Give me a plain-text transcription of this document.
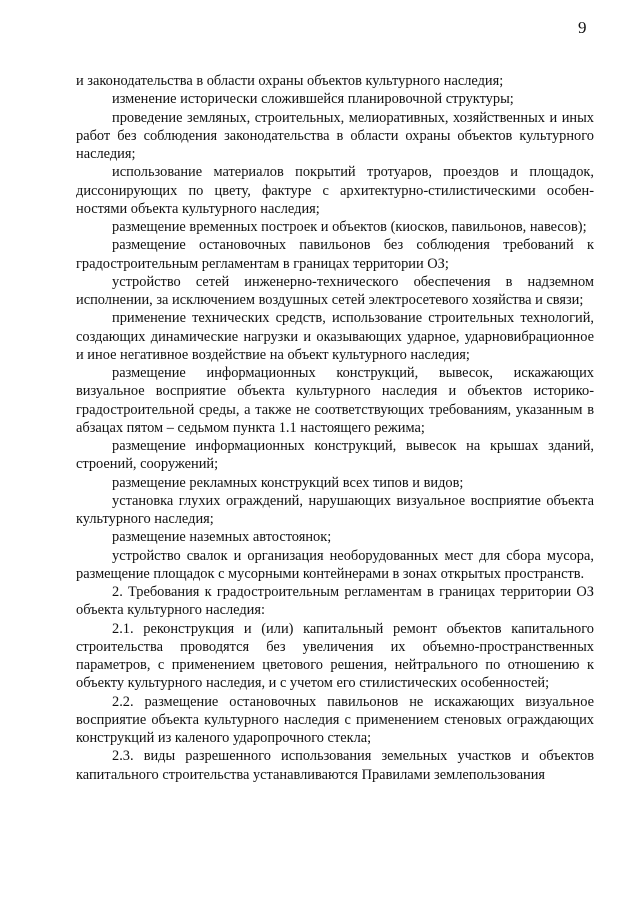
9

и законодательства в области охраны объектов культурного наследия;

изменение исторически сложившейся планировочной структуры;

проведение земляных, строительных, мелиоративных, хозяйственных и иных работ без соблюдения законодательства в области охраны объектов культурного наследия;

использование материалов покрытий тротуаров, проездов и площадок, диссонирующих по цвету, фактуре с архитектурно-стилистическими особенностями объекта культурного наследия;

размещение временных построек и объектов (киосков, павильонов, навесов);

размещение остановочных павильонов без соблюдения требований к градостроительным регламентам в границах территории ОЗ;

устройство сетей инженерно-технического обеспечения в надземном исполнении, за исключением воздушных сетей электросетевого хозяйства и связи;

применение технических средств, использование строительных технологий, создающих динамические нагрузки и оказывающих ударное, ударновибрационное и иное негативное воздействие на объект культурного наследия;

размещение информационных конструкций, вывесок, искажающих визуальное восприятие объекта культурного наследия и объектов историко-градостроительной среды, а также не соответствующих требованиям, указанным в абзацах пятом – седьмом пункта 1.1 настоящего режима;

размещение информационных конструкций, вывесок на крышах зданий, строений, сооружений;

размещение рекламных конструкций всех типов и видов;

установка глухих ограждений, нарушающих визуальное восприятие объекта культурного наследия;

размещение наземных автостоянок;

устройство свалок и организация необорудованных мест для сбора мусора, размещение площадок с мусорными контейнерами в зонах открытых пространств.

2. Требования к градостроительным регламентам в границах территории ОЗ объекта культурного наследия:

2.1. реконструкция и (или) капитальный ремонт объектов капитального строительства проводятся без увеличения их объемно-пространственных параметров, с применением цветового решения, нейтрального по отношению к объекту культурного наследия, и с учетом его стилистических особенностей;

2.2. размещение остановочных павильонов не искажающих визуальное восприятие объекта культурного наследия с применением стеновых ограждающих конструкций из каленого ударопрочного стекла;

2.3. виды разрешенного использования земельных участков и объектов капитального строительства устанавливаются Правилами землепользования
